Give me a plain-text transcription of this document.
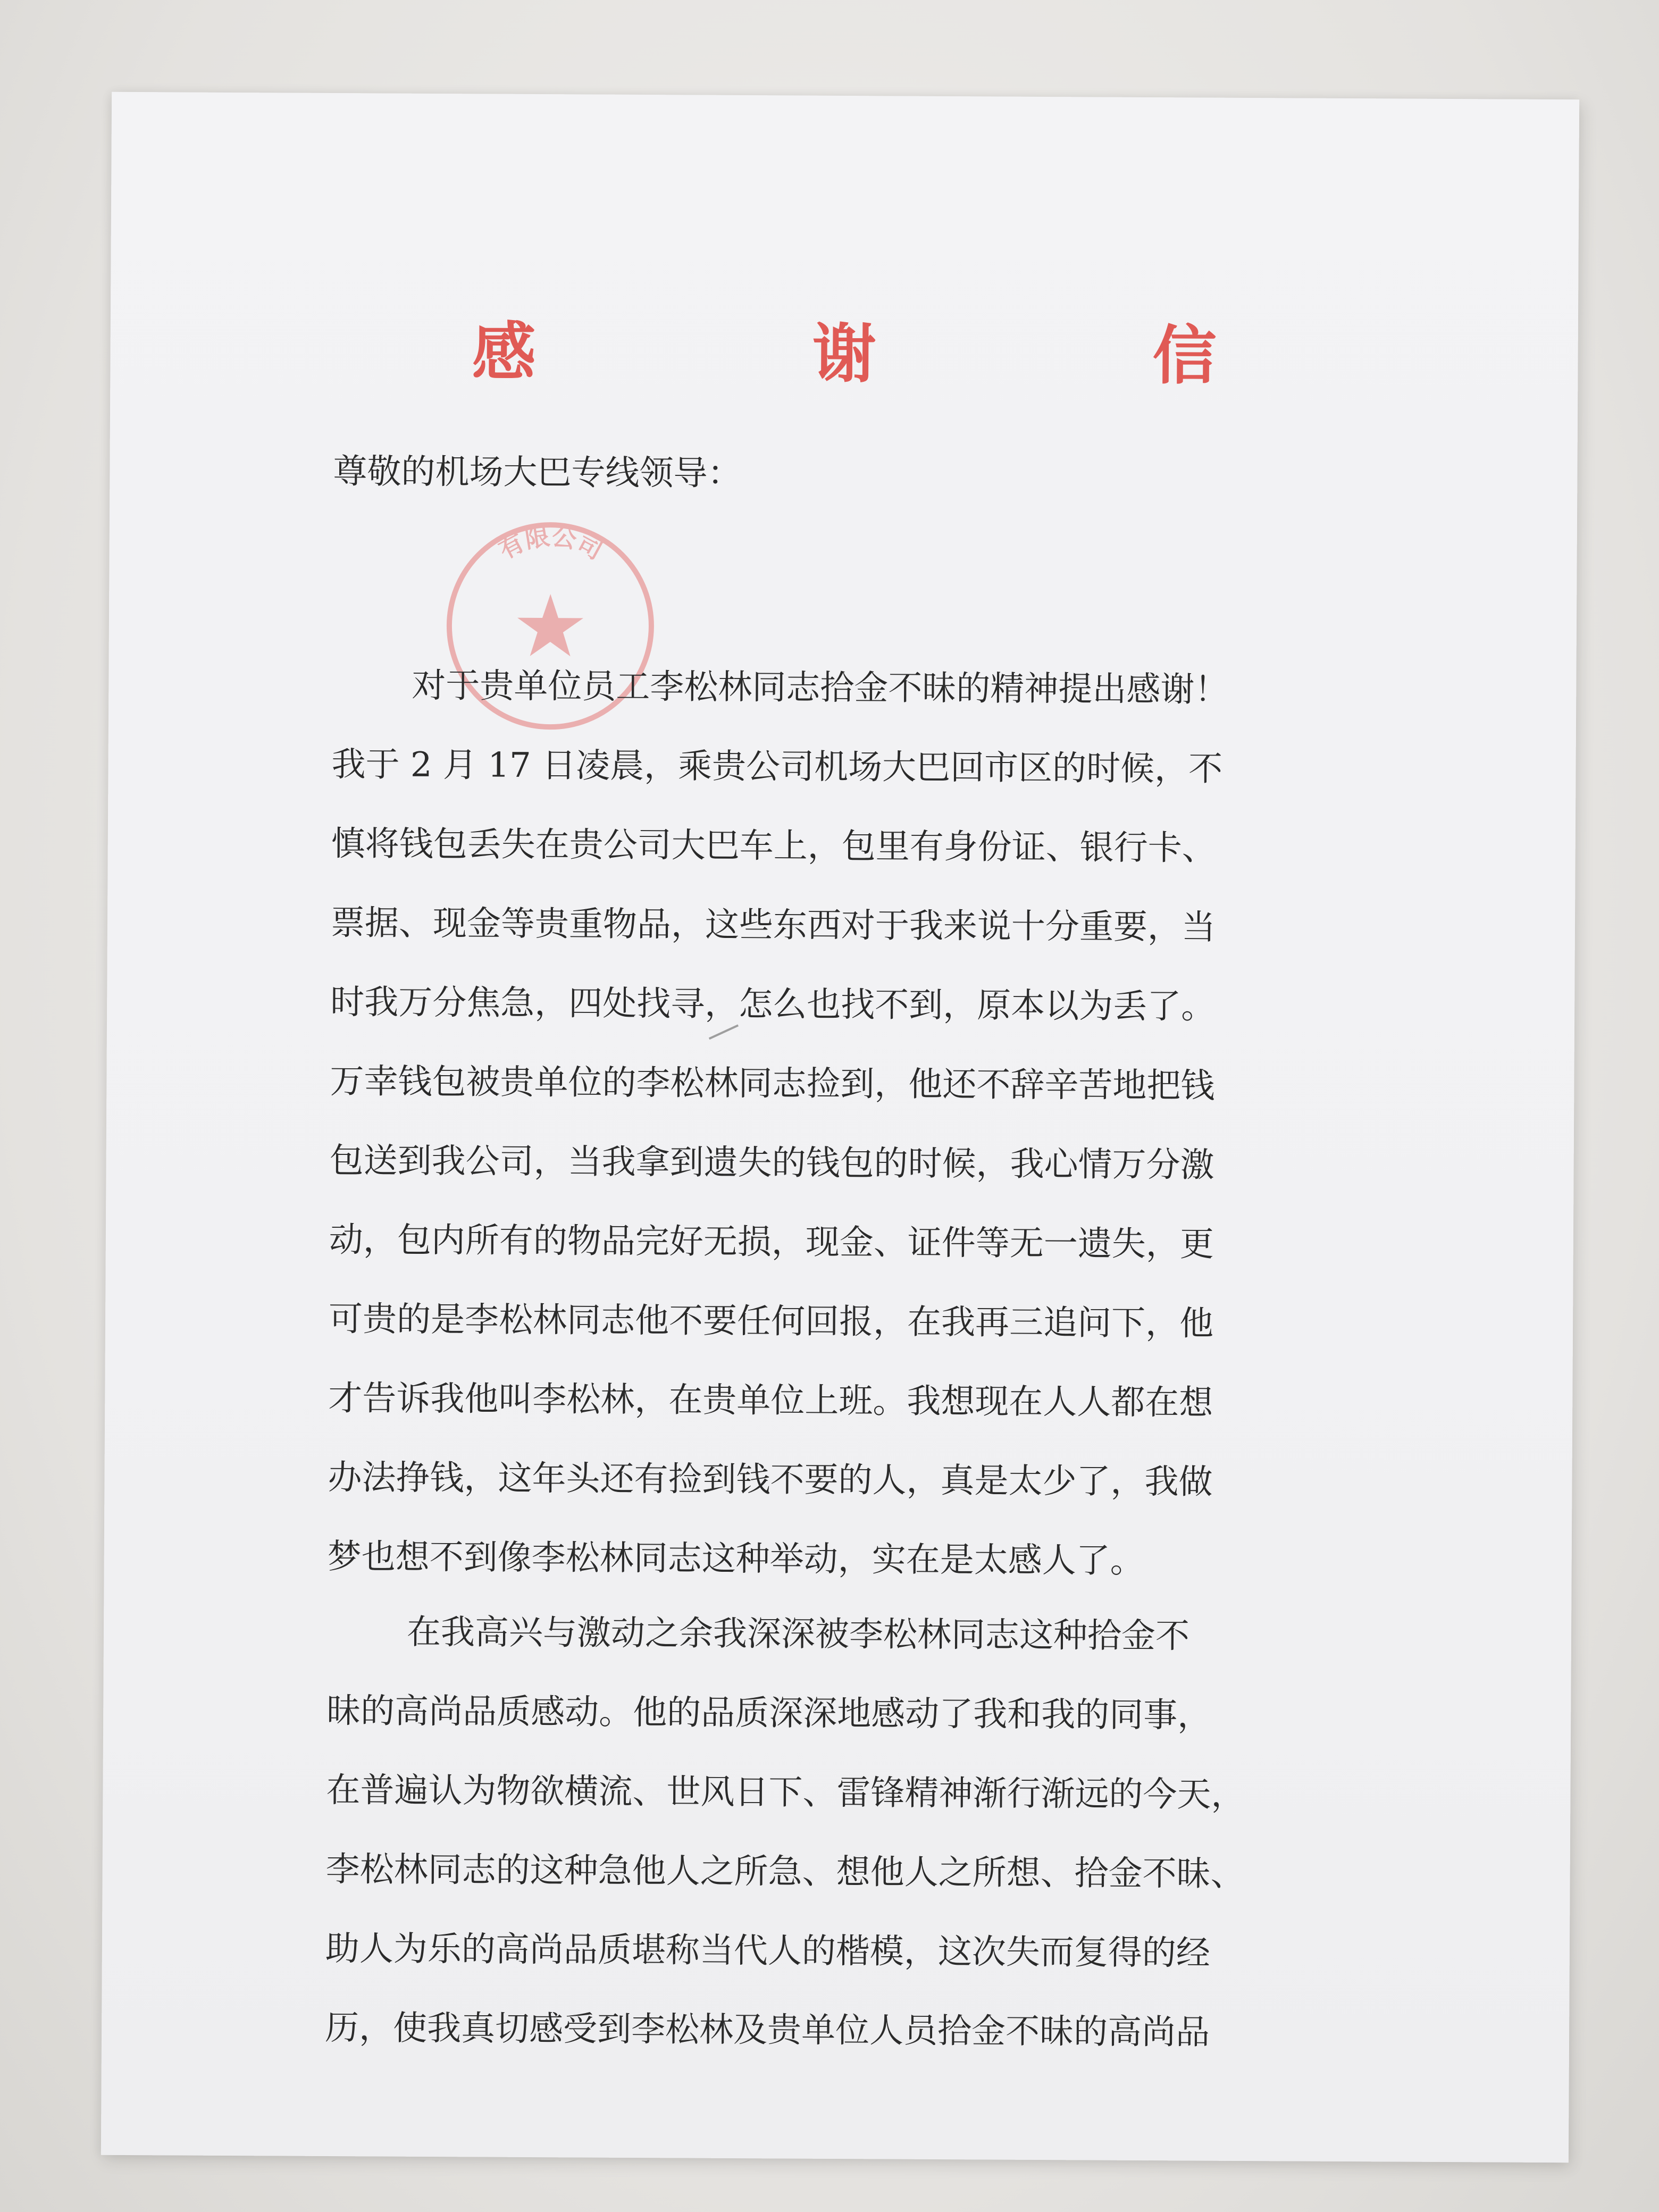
感　谢　信
尊敬的机场大巴专线领导：
有限公司
对于贵单位员工李松林同志拾金不昧的精神提出感谢！
我于 2 月 17 日凌晨，乘贵公司机场大巴回市区的时候，不
慎将钱包丢失在贵公司大巴车上，包里有身份证、银行卡、
票据、现金等贵重物品，这些东西对于我来说十分重要，当
时我万分焦急，四处找寻，怎么也找不到，原本以为丢了。
万幸钱包被贵单位的李松林同志捡到，他还不辞辛苦地把钱
包送到我公司，当我拿到遗失的钱包的时候，我心情万分激
动，包内所有的物品完好无损，现金、证件等无一遗失，更
可贵的是李松林同志他不要任何回报，在我再三追问下，他
才告诉我他叫李松林，在贵单位上班。我想现在人人都在想
办法挣钱，这年头还有捡到钱不要的人，真是太少了，我做
梦也想不到像李松林同志这种举动，实在是太感人了。
在我高兴与激动之余我深深被李松林同志这种拾金不
昧的高尚品质感动。他的品质深深地感动了我和我的同事，
在普遍认为物欲横流、世风日下、雷锋精神渐行渐远的今天，
李松林同志的这种急他人之所急、想他人之所想、拾金不昧、
助人为乐的高尚品质堪称当代人的楷模，这次失而复得的经
历，使我真切感受到李松林及贵单位人员拾金不昧的高尚品
